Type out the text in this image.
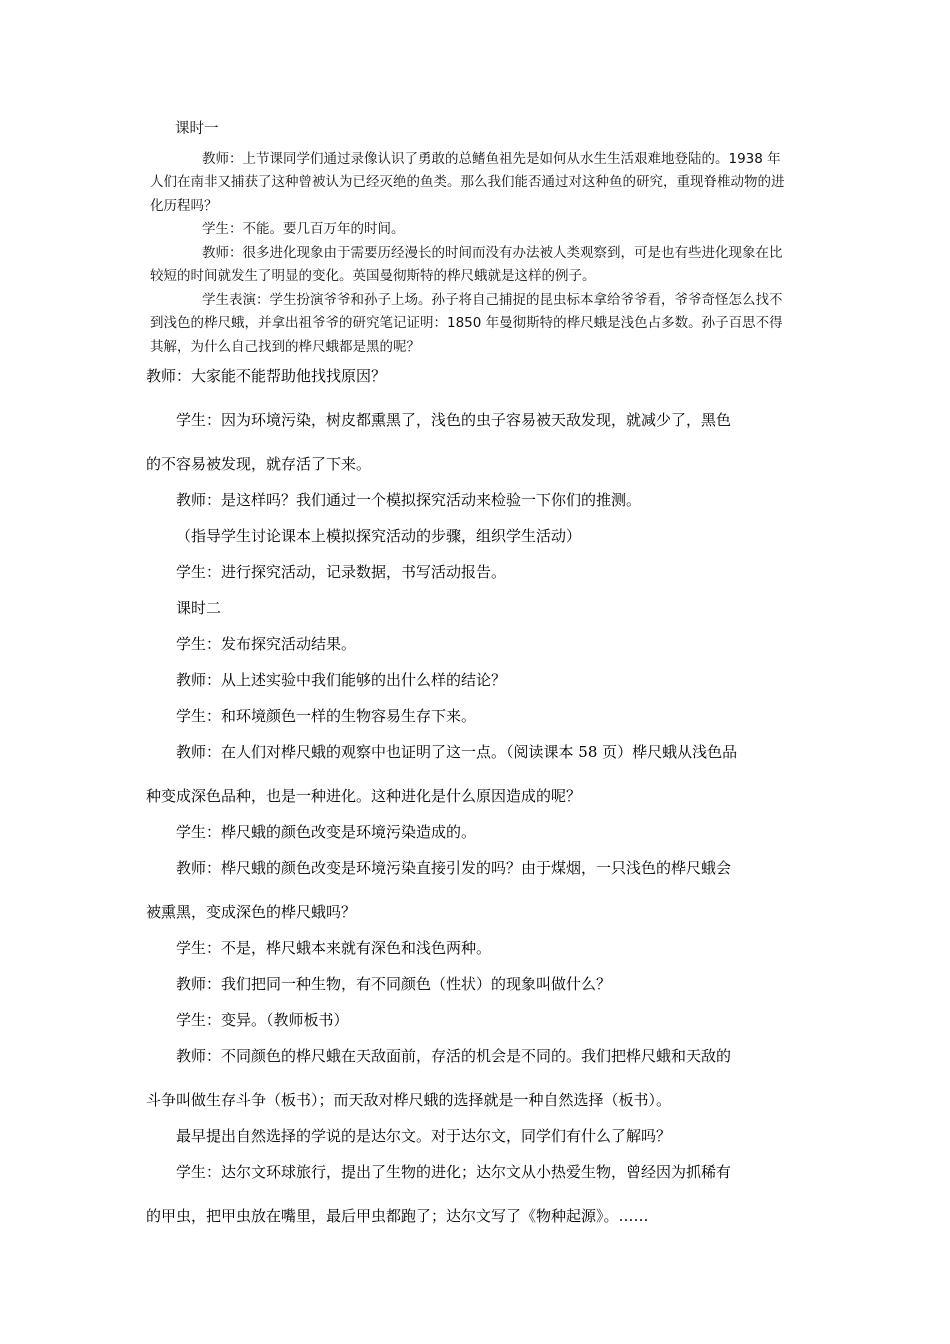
课时一

教师：上节课同学们通过录像认识了勇敢的总鳍鱼祖先是如何从水生生活艰难地登陆的。1938 年人们在南非又捕获了这种曾被认为已经灭绝的鱼类。那么我们能否通过对这种鱼的研究，重现脊椎动物的进化历程吗？

学生：不能。要几百万年的时间。

教师：很多进化现象由于需要历经漫长的时间而没有办法被人类观察到，可是也有些进化现象在比较短的时间就发生了明显的变化。英国曼彻斯特的桦尺蛾就是这样的例子。

学生表演：学生扮演爷爷和孙子上场。孙子将自己捕捉的昆虫标本拿给爷爷看，爷爷奇怪怎么找不到浅色的桦尺蛾，并拿出祖爷爷的研究笔记证明：1850 年曼彻斯特的桦尺蛾是浅色占多数。孙子百思不得其解，为什么自己找到的桦尺蛾都是黑的呢？

教师：大家能不能帮助他找找原因？
学生：因为环境污染，树皮都熏黑了，浅色的虫子容易被天敌发现，就减少了，黑色
的不容易被发现，就存活了下来。
教师：是这样吗？我们通过一个模拟探究活动来检验一下你们的推测。
（指导学生讨论课本上模拟探究活动的步骤，组织学生活动）
学生：进行探究活动，记录数据，书写活动报告。
课时二
学生：发布探究活动结果。
教师：从上述实验中我们能够的出什么样的结论？
学生：和环境颜色一样的生物容易生存下来。
教师：在人们对桦尺蛾的观察中也证明了这一点。（阅读课本 58 页）桦尺蛾从浅色品
种变成深色品种，也是一种进化。这种进化是什么原因造成的呢？
学生：桦尺蛾的颜色改变是环境污染造成的。
教师：桦尺蛾的颜色改变是环境污染直接引发的吗？由于煤烟，一只浅色的桦尺蛾会
被熏黑，变成深色的桦尺蛾吗？
学生：不是，桦尺蛾本来就有深色和浅色两种。
教师：我们把同一种生物，有不同颜色（性状）的现象叫做什么？
学生：变异。（教师板书）
教师：不同颜色的桦尺蛾在天敌面前，存活的机会是不同的。我们把桦尺蛾和天敌的
斗争叫做生存斗争（板书）；而天敌对桦尺蛾的选择就是一种自然选择（板书）。
最早提出自然选择的学说的是达尔文。对于达尔文，同学们有什么了解吗？
学生：达尔文环球旅行，提出了生物的进化；达尔文从小热爱生物，曾经因为抓稀有
的甲虫，把甲虫放在嘴里，最后甲虫都跑了；达尔文写了《物种起源》。……
